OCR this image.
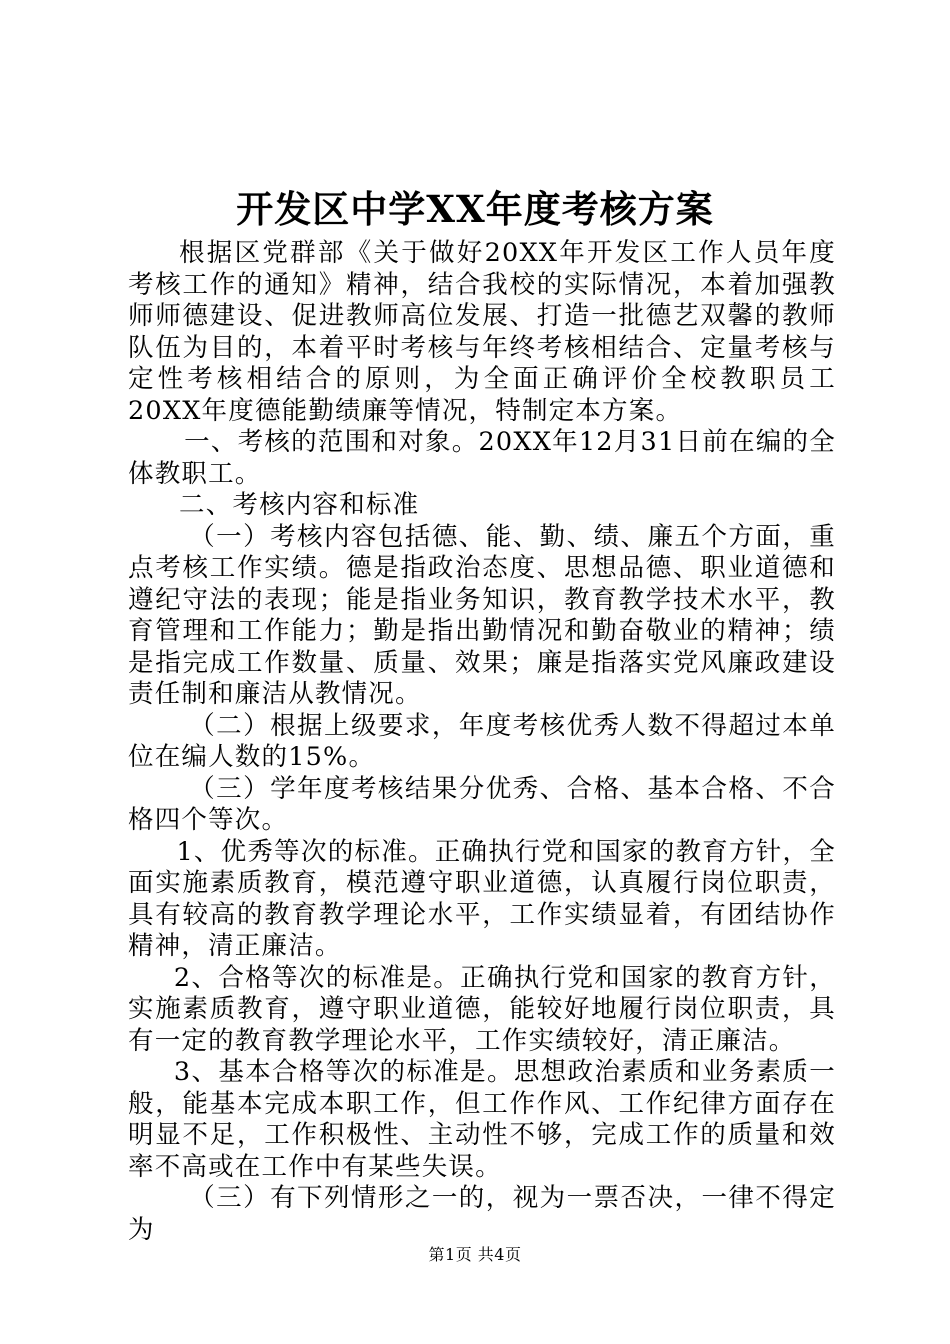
开发区中学XX年度考核方案

根据区党群部《关于做好20XX年开发区工作人员年度考核工作的通知》精神，结合我校的实际情况，本着加强教师师德建设、促进教师高位发展、打造一批德艺双馨的教师队伍为目的，本着平时考核与年终考核相结合、定量考核与定性考核相结合的原则，为全面正确评价全校教职员工20XX年度德能勤绩廉等情况，特制定本方案。

一、考核的范围和对象。20XX年12月31日前在编的全体教职工。

二、考核内容和标准

（一）考核内容包括德、能、勤、绩、廉五个方面，重点考核工作实绩。德是指政治态度、思想品德、职业道德和遵纪守法的表现；能是指业务知识，教育教学技术水平，教育管理和工作能力；勤是指出勤情况和勤奋敬业的精神；绩是指完成工作数量、质量、效果；廉是指落实党风廉政建设责任制和廉洁从教情况。

（二）根据上级要求，年度考核优秀人数不得超过本单位在编人数的15%。

（三）学年度考核结果分优秀、合格、基本合格、不合格四个等次。

1、优秀等次的标准。正确执行党和国家的教育方针，全面实施素质教育，模范遵守职业道德，认真履行岗位职责，具有较高的教育教学理论水平，工作实绩显着，有团结协作精神，清正廉洁。

2、合格等次的标准是。正确执行党和国家的教育方针，实施素质教育，遵守职业道德，能较好地履行岗位职责，具有一定的教育教学理论水平，工作实绩较好，清正廉洁。

3、基本合格等次的标准是。思想政治素质和业务素质一般，能基本完成本职工作，但工作作风、工作纪律方面存在明显不足，工作积极性、主动性不够，完成工作的质量和效率不高或在工作中有某些失误。

（三）有下列情形之一的，视为一票否决，一律不得定为

第1页 共4页
